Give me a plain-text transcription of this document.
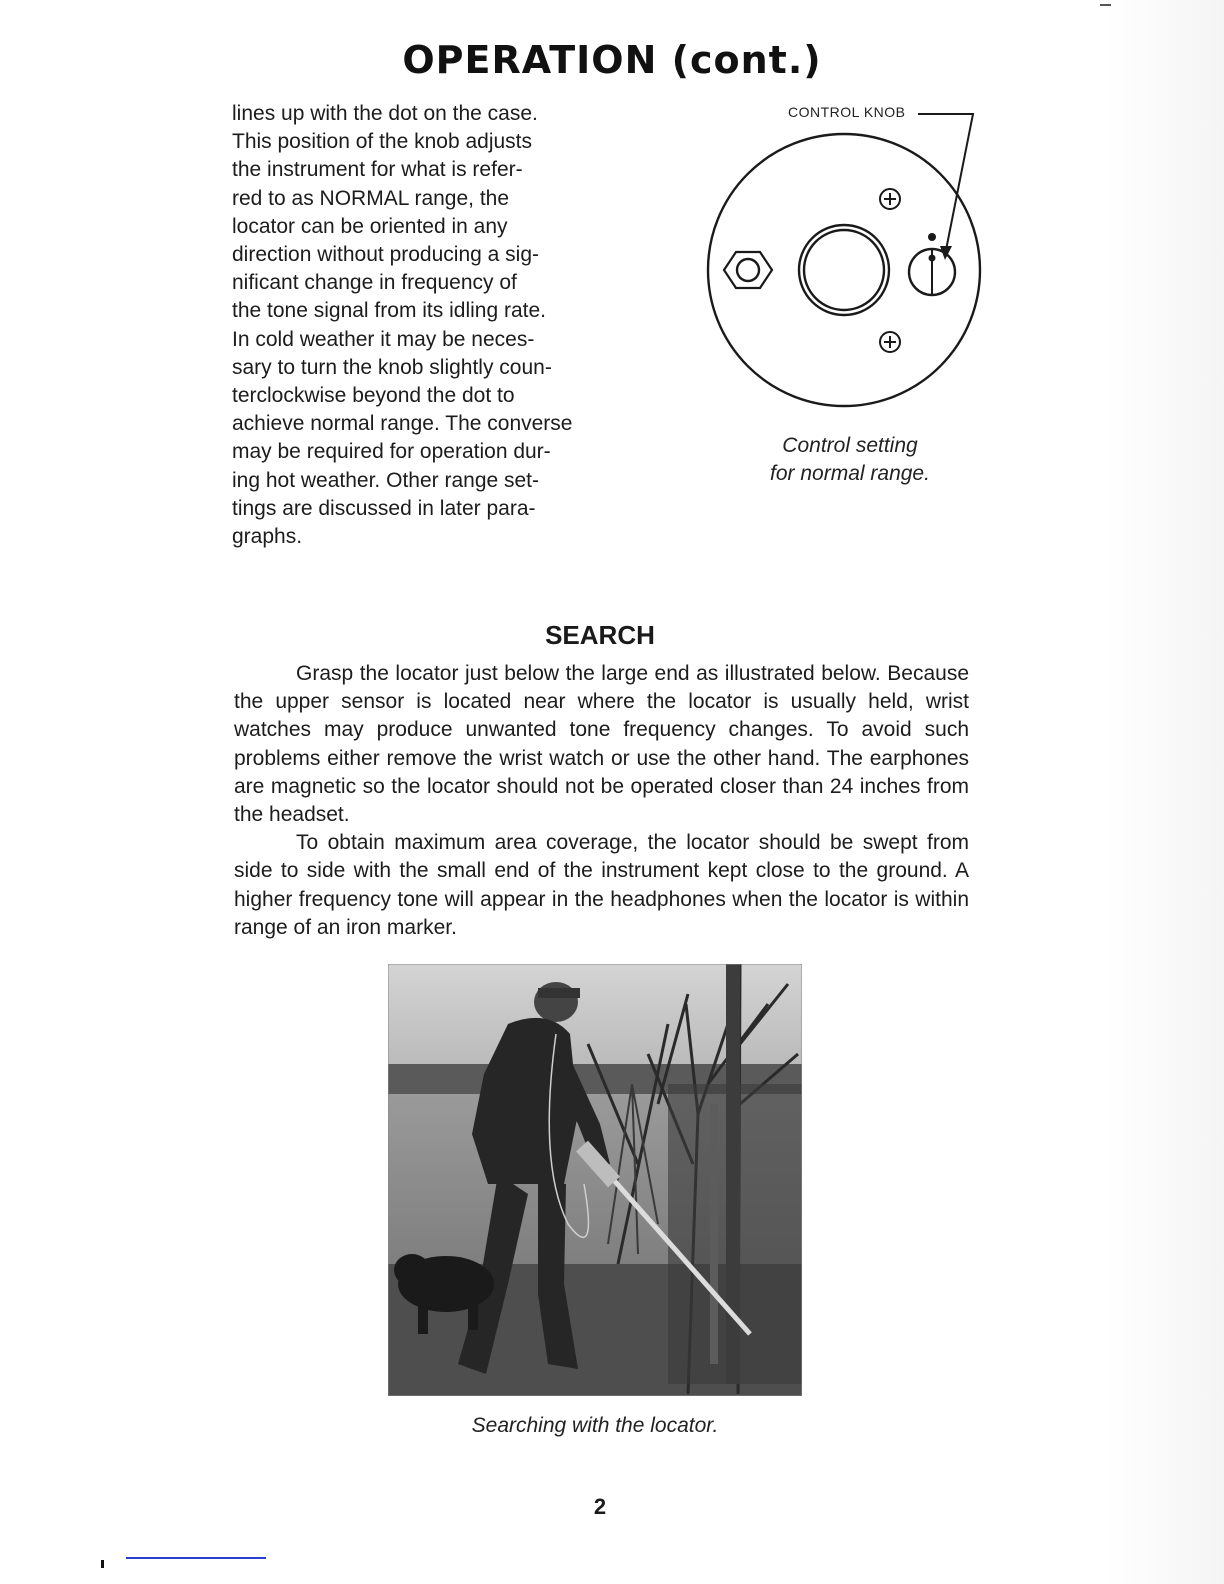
OPERATION (cont.)
lines up with the dot on the case.
This position of the knob adjusts
the instrument for what is refer-
red to as NORMAL range, the
locator can be oriented in any
direction without producing a sig-
nificant change in frequency of
the tone signal from its idling rate.
In cold weather it may be neces-
sary to turn the knob slightly coun-
terclockwise beyond the dot to
achieve normal range. The converse
may be required for operation dur-
ing hot weather. Other range set-
tings are discussed in later para-
graphs.
CONTROL KNOB
Control setting
for normal range.
SEARCH

Grasp the locator just below the large end as illustrated below. Because the upper sensor is located near where the locator is usually held, wrist watches may produce unwanted tone frequency changes. To avoid such problems either remove the wrist watch or use the other hand. The earphones are magnetic so the locator should not be operated closer than 24 inches from the headset.

To obtain maximum area coverage, the locator should be swept from side to side with the small end of the instrument kept close to the ground. A higher frequency tone will appear in the headphones when the locator is within range of an iron marker.

Searching with the locator.
2
